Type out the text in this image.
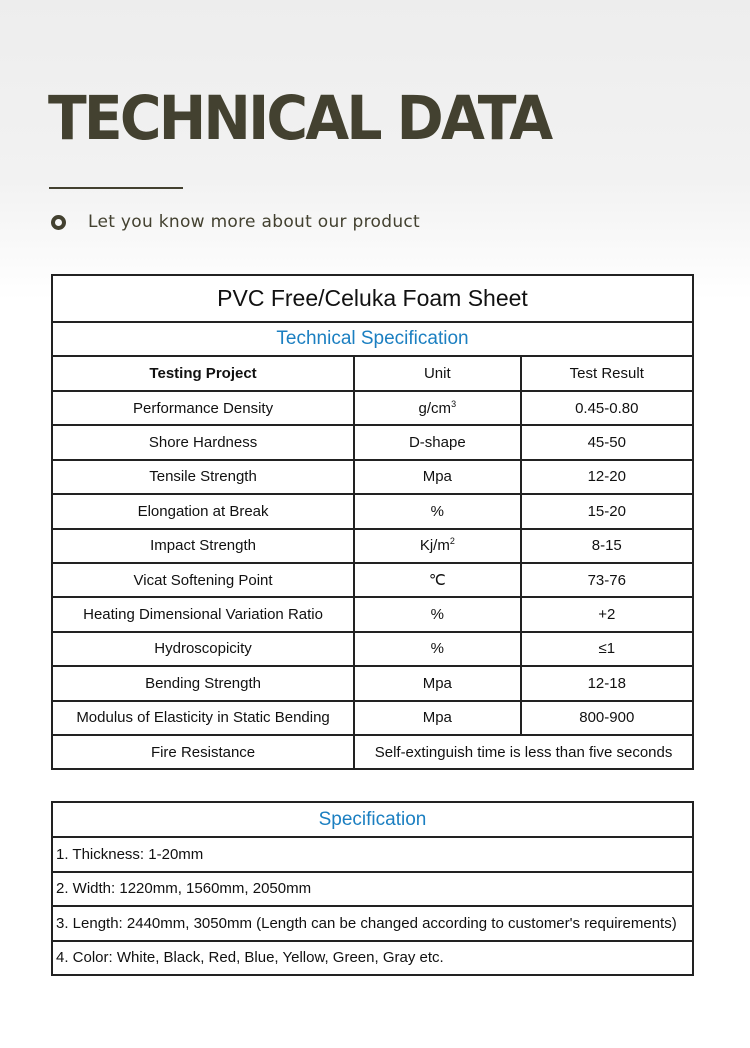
TECHNICAL DATA
Let you know more about our product
PVC Free/Celuka Foam Sheet		
Technical Specification		
Testing Project	Unit	Test Result
Performance Density	$g/cm^3$	0.45-0.80
Shore Hardness	D-shape	45-50
Tensile Strength	Mpa	12-20
Elongation at Break	%	15-20
Impact Strength	$Kj/m^2$	8-15
Vicat Softening Point	℃	73-76
Heating Dimensional Variation Ratio	%	+2
Hydroscopicity	%	≤1
Bending Strength	Mpa	12-18
Modulus of Elasticity in Static Bending	Mpa	800-900
Fire Resistance	Self-extinguish time is less than five seconds	
Specification
1. Thickness: 1-20mm
2. Width: 1220mm, 1560mm, 2050mm
3. Length: 2440mm, 3050mm (Length can be changed according to customer's requirements)
4. Color: White, Black, Red, Blue, Yellow, Green, Gray etc.
